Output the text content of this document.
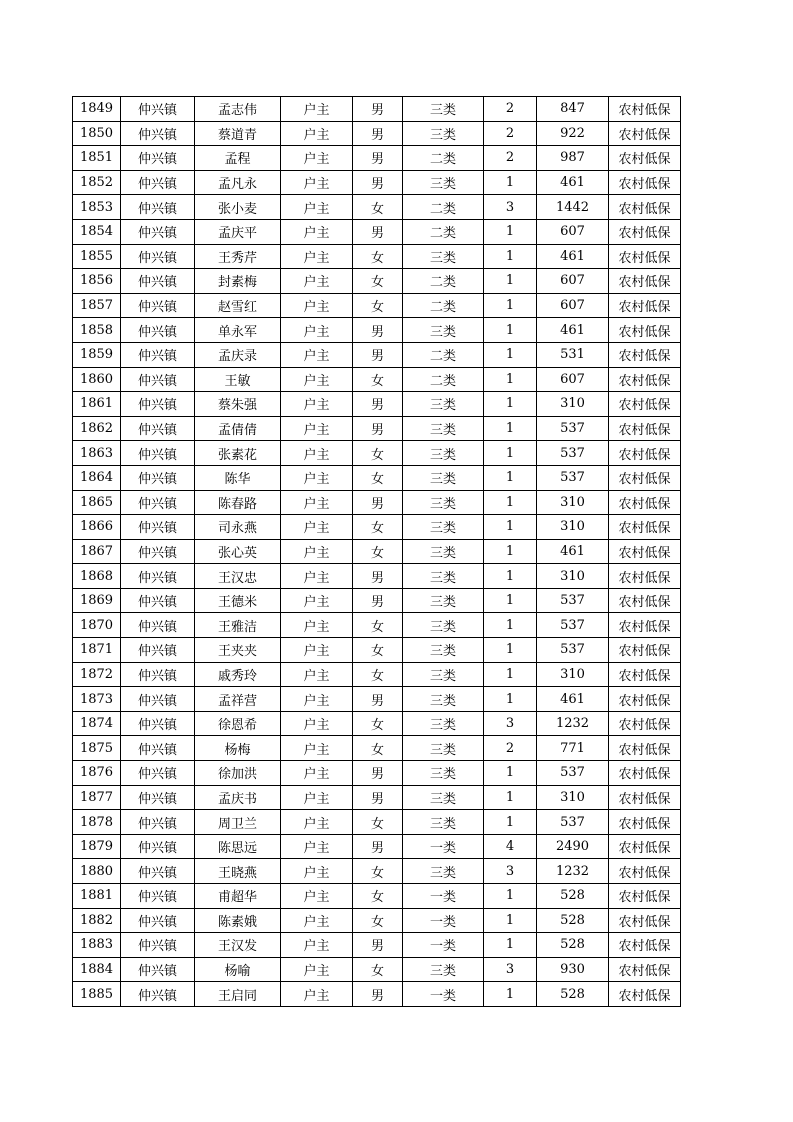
1849	仲兴镇	孟志伟	户主	男	三类	2	847	农村低保
1850	仲兴镇	蔡道青	户主	男	三类	2	922	农村低保
1851	仲兴镇	孟程	户主	男	二类	2	987	农村低保
1852	仲兴镇	孟凡永	户主	男	三类	1	461	农村低保
1853	仲兴镇	张小麦	户主	女	二类	3	1442	农村低保
1854	仲兴镇	孟庆平	户主	男	二类	1	607	农村低保
1855	仲兴镇	王秀芹	户主	女	三类	1	461	农村低保
1856	仲兴镇	封素梅	户主	女	二类	1	607	农村低保
1857	仲兴镇	赵雪红	户主	女	二类	1	607	农村低保
1858	仲兴镇	单永军	户主	男	三类	1	461	农村低保
1859	仲兴镇	孟庆录	户主	男	二类	1	531	农村低保
1860	仲兴镇	王敏	户主	女	二类	1	607	农村低保
1861	仲兴镇	蔡朱强	户主	男	三类	1	310	农村低保
1862	仲兴镇	孟倩倩	户主	男	三类	1	537	农村低保
1863	仲兴镇	张素花	户主	女	三类	1	537	农村低保
1864	仲兴镇	陈华	户主	女	三类	1	537	农村低保
1865	仲兴镇	陈春路	户主	男	三类	1	310	农村低保
1866	仲兴镇	司永燕	户主	女	三类	1	310	农村低保
1867	仲兴镇	张心英	户主	女	三类	1	461	农村低保
1868	仲兴镇	王汉忠	户主	男	三类	1	310	农村低保
1869	仲兴镇	王德米	户主	男	三类	1	537	农村低保
1870	仲兴镇	王雅洁	户主	女	三类	1	537	农村低保
1871	仲兴镇	王夹夹	户主	女	三类	1	537	农村低保
1872	仲兴镇	戚秀玲	户主	女	三类	1	310	农村低保
1873	仲兴镇	孟祥营	户主	男	三类	1	461	农村低保
1874	仲兴镇	徐恩希	户主	女	三类	3	1232	农村低保
1875	仲兴镇	杨梅	户主	女	三类	2	771	农村低保
1876	仲兴镇	徐加洪	户主	男	三类	1	537	农村低保
1877	仲兴镇	孟庆书	户主	男	三类	1	310	农村低保
1878	仲兴镇	周卫兰	户主	女	三类	1	537	农村低保
1879	仲兴镇	陈思远	户主	男	一类	4	2490	农村低保
1880	仲兴镇	王晓燕	户主	女	三类	3	1232	农村低保
1881	仲兴镇	甫超华	户主	女	一类	1	528	农村低保
1882	仲兴镇	陈素娥	户主	女	一类	1	528	农村低保
1883	仲兴镇	王汉发	户主	男	一类	1	528	农村低保
1884	仲兴镇	杨喻	户主	女	三类	3	930	农村低保
1885	仲兴镇	王启同	户主	男	一类	1	528	农村低保
